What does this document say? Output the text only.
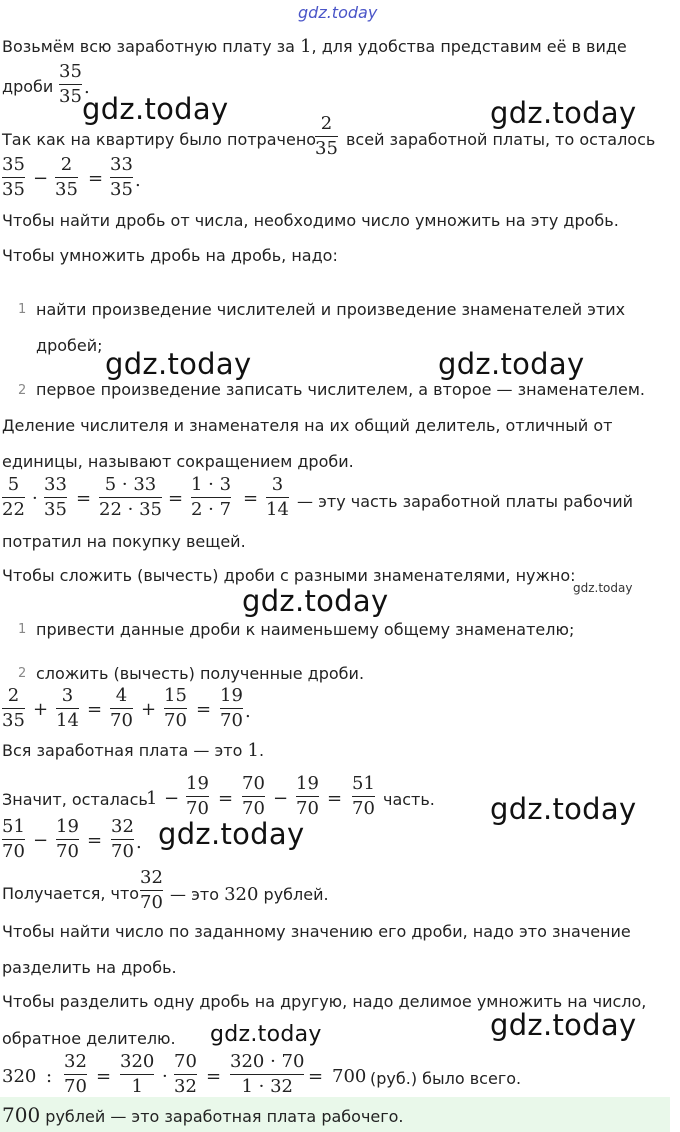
gdz.today
gdz.today	gdz.today
gdz.today	gdz.today
gdz.today	gdz.today
gdz.today
gdz.today
gdz.today
gdz.today
Возьмём всю заработную плату за 1, для удобства представим её в виде
дроби
35
35 .
Так как на квартиру было потрачено
2
35 всей заработной платы, то осталось
35
35
−
2
35
=
33
35 .
Чтобы найти дробь от числа, необходимо число умножить на эту дробь.
Чтобы умножить дробь на дробь, надо:
1 найти произведение числителей и произведение знаменателей этих
дробей;
2 первое произведение записать числителем, а второе — знаменателем.
Деление числителя и знаменателя на их общий делитель, отличный от
единицы, называют сокращением дроби.
5
22
·
33
35
=
5 · 33
22 · 35
=
1 · 3
2 · 7
=
3
14 — эту часть заработной платы рабочий
потратил на покупку вещей.
Чтобы сложить (вычесть) дроби с разными знаменателями, нужно:
1 привести данные дроби к наименьшему общему знаменателю;
2 сложить (вычесть) полученные дроби.
2
35
+
3
14
=
4
70
+
15
70
=
19
70 .
Вся заработная плата — это 1.
Значит, осталась
1 −
19
70 =
70
70 −
19
70 =
51
70 часть.
51
70
−
19
70
=
32
70 .
Получается, что
32
70 — это 320 рублей.
Чтобы найти число по заданному значению его дроби, надо это значение
разделить на дробь.
Чтобы разделить одну дробь на другую, надо делимое умножить на число,
обратное делителю.
320 :
32
70 =
320
1 ·
70
32 =
320 · 70
1 · 32 = 700 (руб.) было всего.
700 рублей — это заработная плата рабочего.
